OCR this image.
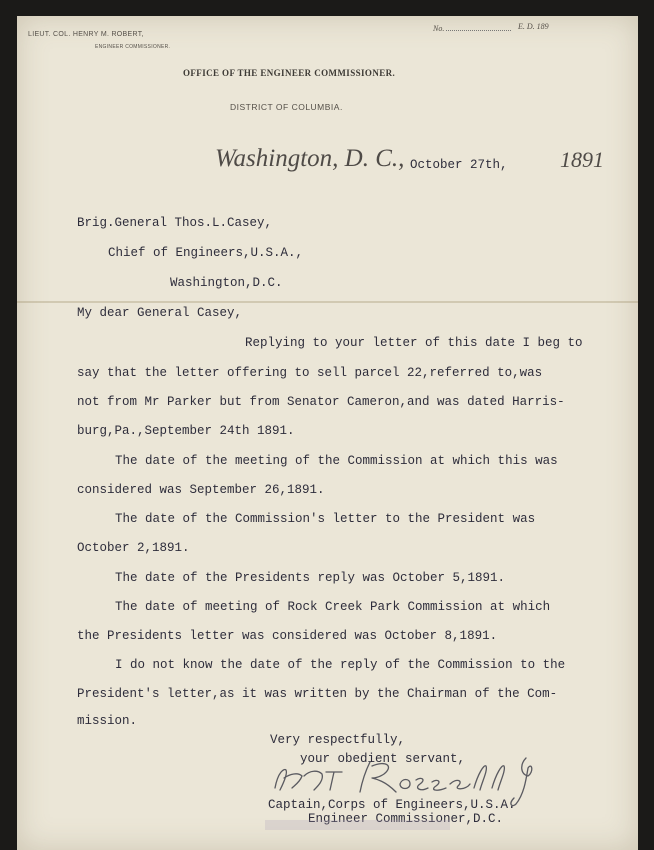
LIEUT. COL. HENRY M. ROBERT,
ENGINEER COMMISSIONER.
No.	E. D. 189
OFFICE OF THE ENGINEER COMMISSIONER.
DISTRICT OF COLUMBIA.
Washington, D. C., October 27th, 1891
Brig.General Thos.L.Casey,
Chief of Engineers,U.S.A.,
Washington,D.C.
My dear General Casey,
Replying to your letter of this date I beg to
say that the letter offering to sell parcel 22,referred to,was
not from Mr Parker but from Senator Cameron,and was dated Harris-
burg,Pa.,September 24th 1891.
The date of the meeting of the Commission at which this was
considered was September 26,1891.
The date of the Commission's letter to the President was
October 2,1891.
The date of the Presidents reply was October 5,1891.
The date of meeting of Rock Creek Park Commission at which
the Presidents letter was considered was October 8,1891.
I do not know the date of the reply of the Commission to the
President's letter,as it was written by the Chairman of the Com-
mission.
Very respectfully,
your obedient servant,
Captain,Corps of Engineers,U.S.A.
Engineer Commissioner,D.C.
